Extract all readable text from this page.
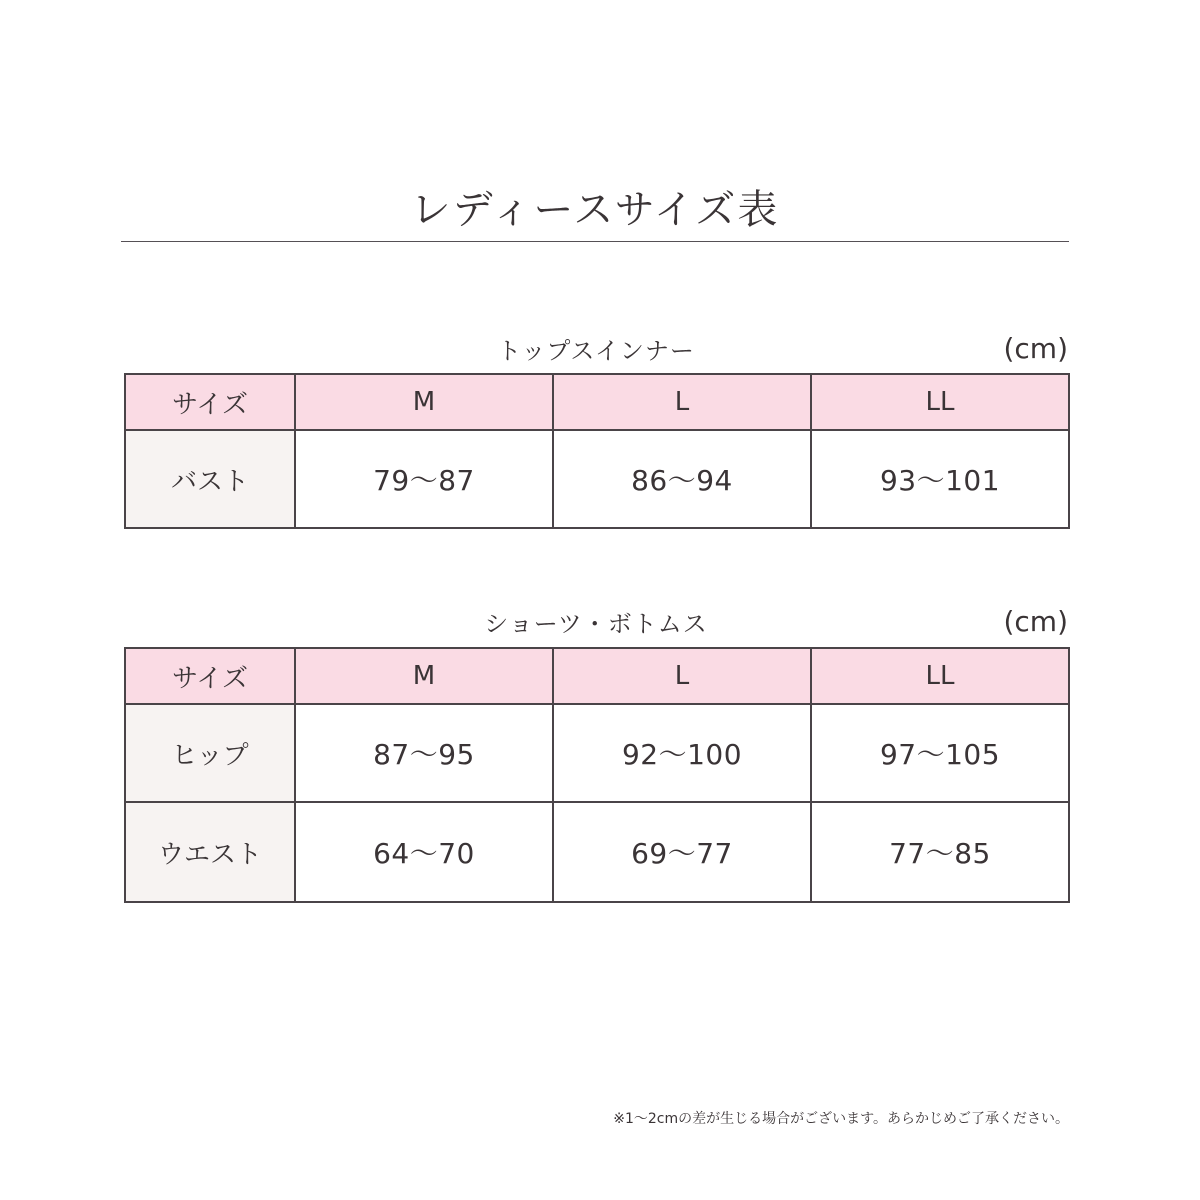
レディースサイズ表
トップスインナー	(cm)
サイズ	M	L	LL
バスト	79～87	86～94	93～101
ショーツ・ボトムス	(cm)
サイズ	M	L	LL
ヒップ	87～95	92～100	97～105
ウエスト	64～70	69～77	77～85
※1～2cmの差が生じる場合がございます。あらかじめご了承ください。
